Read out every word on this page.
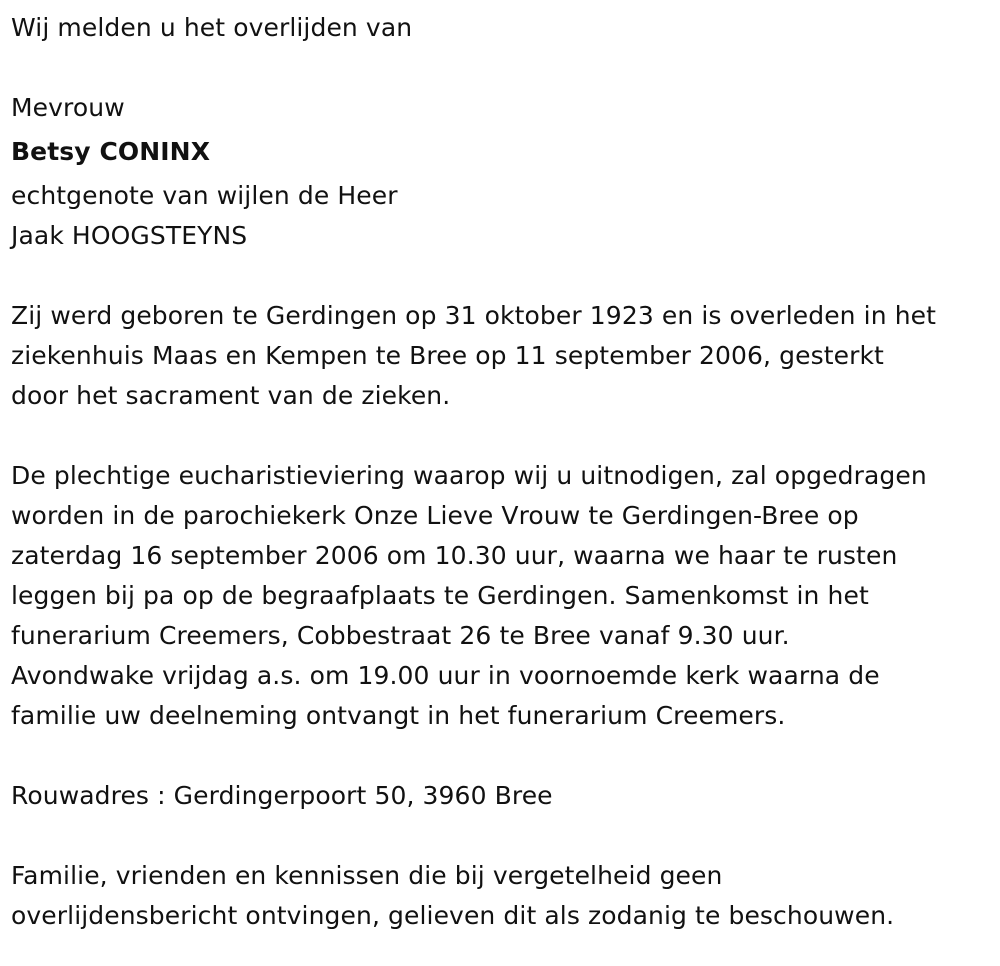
Wij melden u het overlijden van
Mevrouw
Betsy CONINX
echtgenote van wijlen de Heer
Jaak HOOGSTEYNS
Zij werd geboren te Gerdingen op 31 oktober 1923 en is overleden in het
ziekenhuis Maas en Kempen te Bree op 11 september 2006, gesterkt
door het sacrament van de zieken.
De plechtige eucharistieviering waarop wij u uitnodigen, zal opgedragen
worden in de parochiekerk Onze Lieve Vrouw te Gerdingen-Bree op
zaterdag 16 september 2006 om 10.30 uur, waarna we haar te rusten
leggen bij pa op de begraafplaats te Gerdingen. Samenkomst in het
funerarium Creemers, Cobbestraat 26 te Bree vanaf 9.30 uur.
Avondwake vrijdag a.s. om 19.00 uur in voornoemde kerk waarna de
familie uw deelneming ontvangt in het funerarium Creemers.
Rouwadres : Gerdingerpoort 50, 3960 Bree
Familie, vrienden en kennissen die bij vergetelheid geen
overlijdensbericht ontvingen, gelieven dit als zodanig te beschouwen.
